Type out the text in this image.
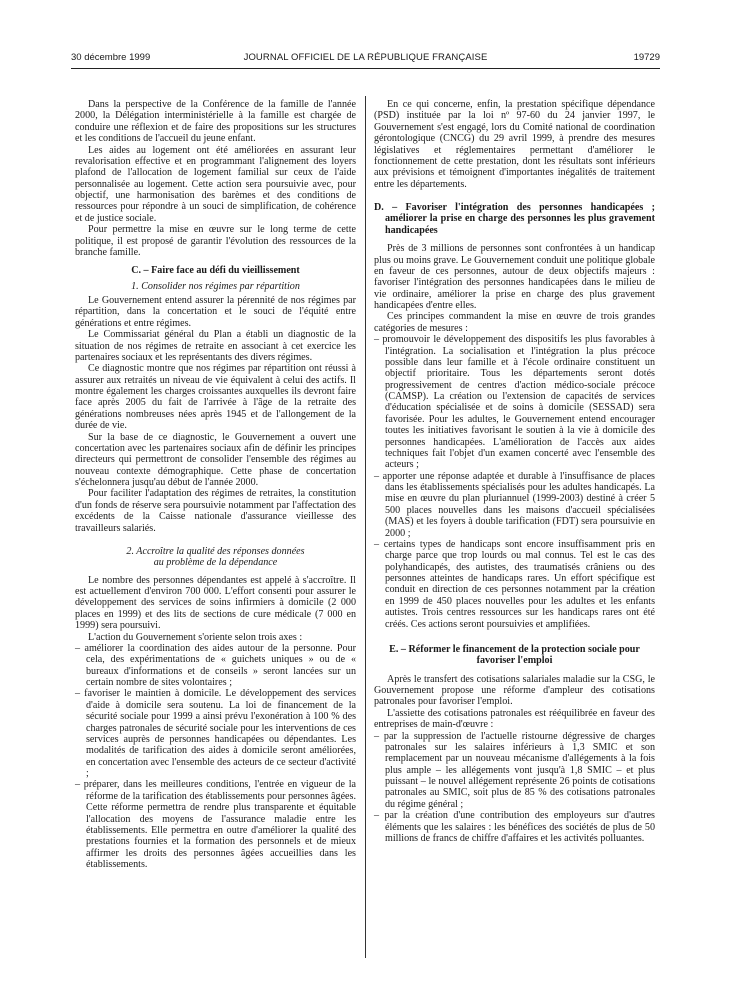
30 décembre 1999	JOURNAL OFFICIEL DE LA RÉPUBLIQUE FRANÇAISE	19729

Dans la perspective de la Conférence de la famille de l'année 2000, la Délégation interministérielle à la famille est chargée de conduire une réflexion et de faire des propositions sur les structures et les conditions de l'accueil du jeune enfant.

Les aides au logement ont été améliorées en assurant leur revalorisation effective et en programmant l'alignement des loyers plafond de l'allocation de logement familial sur ceux de l'aide personnalisée au logement. Cette action sera poursuivie avec, pour objectif, une harmonisation des barèmes et des conditions de ressources pour répondre à un souci de simplification, de cohérence et de justice sociale.

Pour permettre la mise en œuvre sur le long terme de cette politique, il est proposé de garantir l'évolution des ressources de la branche famille.

C. – Faire face au défi du vieillissement
1. Consolider nos régimes par répartition

Le Gouvernement entend assurer la pérennité de nos régimes par répartition, dans la concertation et le souci de l'équité entre générations et entre régimes.

Le Commissariat général du Plan a établi un diagnostic de la situation de nos régimes de retraite en associant à cet exercice les partenaires sociaux et les représentants des divers régimes.

Ce diagnostic montre que nos régimes par répartition ont réussi à assurer aux retraités un niveau de vie équivalent à celui des actifs. Il montre également les charges croissantes auxquelles ils devront faire face après 2005 du fait de l'arrivée à l'âge de la retraite des générations nombreuses nées après 1945 et de l'allongement de la durée de vie.

Sur la base de ce diagnostic, le Gouvernement a ouvert une concertation avec les partenaires sociaux afin de définir les principes directeurs qui permettront de consolider l'ensemble des régimes au nouveau contexte démographique. Cette phase de concertation s'échelonnera jusqu'au début de l'année 2000.

Pour faciliter l'adaptation des régimes de retraites, la constitution d'un fonds de réserve sera poursuivie notamment par l'affectation des excédents de la Caisse nationale d'assurance vieillesse des travailleurs salariés.

2. Accroître la qualité des réponses données
au problème de la dépendance

Le nombre des personnes dépendantes est appelé à s'accroître. Il est actuellement d'environ 700 000. L'effort consenti pour assurer le développement des services de soins infirmiers à domicile (2 000 places en 1999) et des lits de sections de cure médicale (7 000 en 1999) sera poursuivi.

L'action du Gouvernement s'oriente selon trois axes :

– améliorer la coordination des aides autour de la personne. Pour cela, des expérimentations de « guichets uniques » ou de « bureaux d'informations et de conseils » seront lancées sur un certain nombre de sites volontaires ;
– favoriser le maintien à domicile. Le développement des services d'aide à domicile sera soutenu. La loi de financement de la sécurité sociale pour 1999 a ainsi prévu l'exonération à 100 % des charges patronales de sécurité sociale pour les interventions de ces services auprès de personnes handicapées ou dépendantes. Les modalités de tarification des aides à domicile seront améliorées, en concertation avec l'ensemble des acteurs de ce secteur d'activité ;
– préparer, dans les meilleures conditions, l'entrée en vigueur de la réforme de la tarification des établissements pour personnes âgées. Cette réforme permettra de rendre plus transparente et équitable l'allocation des moyens de l'assurance maladie entre les établissements. Elle permettra en outre d'améliorer la qualité des prestations fournies et la formation des personnels et de mieux affirmer les droits des personnes âgées accueillies dans les établissements.

En ce qui concerne, enfin, la prestation spécifique dépendance (PSD) instituée par la loi nº 97-60 du 24 janvier 1997, le Gouvernement s'est engagé, lors du Comité national de coordination gérontologique (CNCG) du 29 avril 1999, à prendre des mesures législatives et réglementaires permettant d'améliorer le fonctionnement de cette prestation, dont les résultats sont inférieurs aux prévisions et témoignent d'importantes inégalités de traitement entre les départements.

D. – Favoriser l'intégration des personnes handicapées ; améliorer la prise en charge des personnes les plus gravement handicapées

Près de 3 millions de personnes sont confrontées à un handicap plus ou moins grave. Le Gouvernement conduit une politique globale en faveur de ces personnes, autour de deux objectifs majeurs : favoriser l'intégration des personnes handicapées dans le milieu de vie ordinaire, améliorer la prise en charge des plus gravement handicapées d'entre elles.

Ces principes commandent la mise en œuvre de trois grandes catégories de mesures :

– promouvoir le développement des dispositifs les plus favorables à l'intégration. La socialisation et l'intégration la plus précoce possible dans leur famille et à l'école ordinaire constituent un objectif prioritaire. Tous les départements seront dotés progressivement de centres d'action médico-sociale précoce (CAMSP). La création ou l'extension de capacités de services d'éducation spécialisée et de soins à domicile (SESSAD) sera favorisée. Pour les adultes, le Gouvernement entend encourager toutes les initiatives favorisant le soutien à la vie à domicile des personnes handicapées. L'amélioration de l'accès aux aides techniques fait l'objet d'un examen concerté avec l'ensemble des acteurs ;
– apporter une réponse adaptée et durable à l'insuffisance de places dans les établissements spécialisés pour les adultes handicapés. La mise en œuvre du plan pluriannuel (1999-2003) destiné à créer 5 500 places nouvelles dans les maisons d'accueil spécialisées (MAS) et les foyers à double tarification (FDT) sera poursuivie en 2000 ;
– certains types de handicaps sont encore insuffisamment pris en charge parce que trop lourds ou mal connus. Tel est le cas des polyhandicapés, des autistes, des traumatisés crâniens ou des personnes atteintes de handicaps rares. Un effort spécifique est conduit en direction de ces personnes notamment par la création en 1999 de 450 places nouvelles pour les adultes et les enfants autistes. Trois centres ressources sur les handicaps rares ont été créés. Ces actions seront poursuivies et amplifiées.
E. – Réformer le financement de la protection sociale pour favoriser l'emploi

Après le transfert des cotisations salariales maladie sur la CSG, le Gouvernement propose une réforme d'ampleur des cotisations patronales pour favoriser l'emploi.

L'assiette des cotisations patronales est rééquilibrée en faveur des entreprises de main-d'œuvre :

– par la suppression de l'actuelle ristourne dégressive de charges patronales sur les salaires inférieurs à 1,3 SMIC et son remplacement par un nouveau mécanisme d'allégements à la fois plus ample – les allégements vont jusqu'à 1,8 SMIC – et plus puissant – le nouvel allégement représente 26 points de cotisations patronales au SMIC, soit plus de 85 % des cotisations patronales du régime général ;
– par la création d'une contribution des employeurs sur d'autres éléments que les salaires : les bénéfices des sociétés de plus de 50 millions de francs de chiffre d'affaires et les activités polluantes.
